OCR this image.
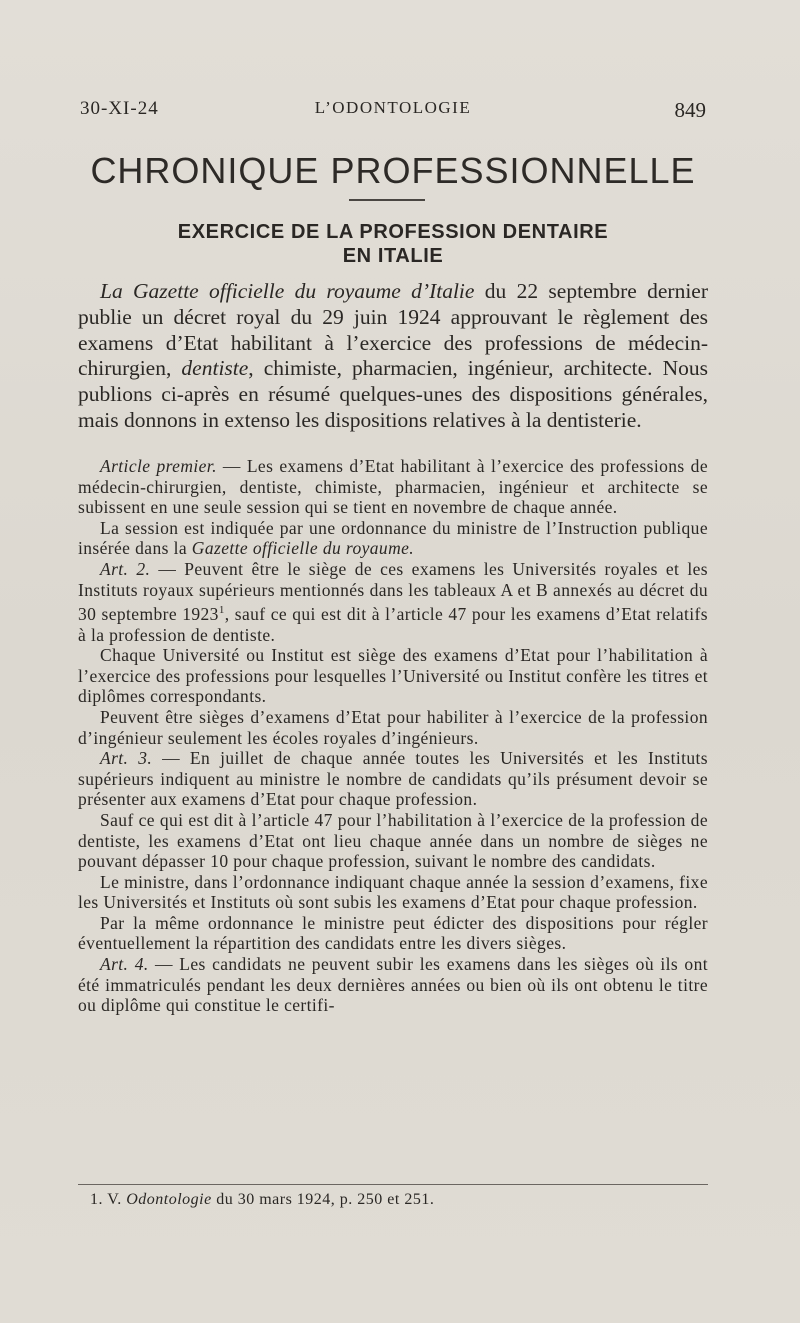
30-XI-24	L’ODONTOLOGIE	849
CHRONIQUE PROFESSIONNELLE
EXERCICE DE LA PROFESSION DENTAIRE
EN ITALIE

La Gazette officielle du royaume d’Italie du 22 septembre dernier publie un décret royal du 29 juin 1924 approuvant le règlement des examens d’Etat habilitant à l’exercice des professions de médecin-chirurgien, dentiste, chimiste, pharmacien, ingénieur, architecte. Nous publions ci-après en résumé quelques-unes des dispositions générales, mais donnons in extenso les dispositions relatives à la dentisterie.

Article premier. — Les examens d’Etat habilitant à l’exercice des professions de médecin-chirurgien, dentiste, chimiste, pharmacien, ingénieur et architecte se subissent en une seule session qui se tient en novembre de chaque année.

La session est indiquée par une ordonnance du ministre de l’Instruction publique insérée dans la Gazette officielle du royaume.

Art. 2. — Peuvent être le siège de ces examens les Universités royales et les Instituts royaux supérieurs mentionnés dans les tableaux A et B annexés au décret du 30 septembre 1923$^1$, sauf ce qui est dit à l’article 47 pour les examens d’Etat relatifs à la profession de dentiste.

Chaque Université ou Institut est siège des examens d’Etat pour l’habilitation à l’exercice des professions pour lesquelles l’Université ou Institut confère les titres et diplômes correspondants.

Peuvent être sièges d’examens d’Etat pour habiliter à l’exercice de la profession d’ingénieur seulement les écoles royales d’ingénieurs.

Art. 3. — En juillet de chaque année toutes les Universités et les Instituts supérieurs indiquent au ministre le nombre de candidats qu’ils présument devoir se présenter aux examens d’Etat pour chaque profession.

Sauf ce qui est dit à l’article 47 pour l’habilitation à l’exercice de la profession de dentiste, les examens d’Etat ont lieu chaque année dans un nombre de sièges ne pouvant dépasser 10 pour chaque profession, suivant le nombre des candidats.

Le ministre, dans l’ordonnance indiquant chaque année la session d’examens, fixe les Universités et Instituts où sont subis les examens d’Etat pour chaque profession.

Par la même ordonnance le ministre peut édicter des dispositions pour régler éventuellement la répartition des candidats entre les divers sièges.

Art. 4. — Les candidats ne peuvent subir les examens dans les sièges où ils ont été immatriculés pendant les deux dernières années ou bien où ils ont obtenu le titre ou diplôme qui constitue le certifi-

1. V. Odontologie du 30 mars 1924, p. 250 et 251.
